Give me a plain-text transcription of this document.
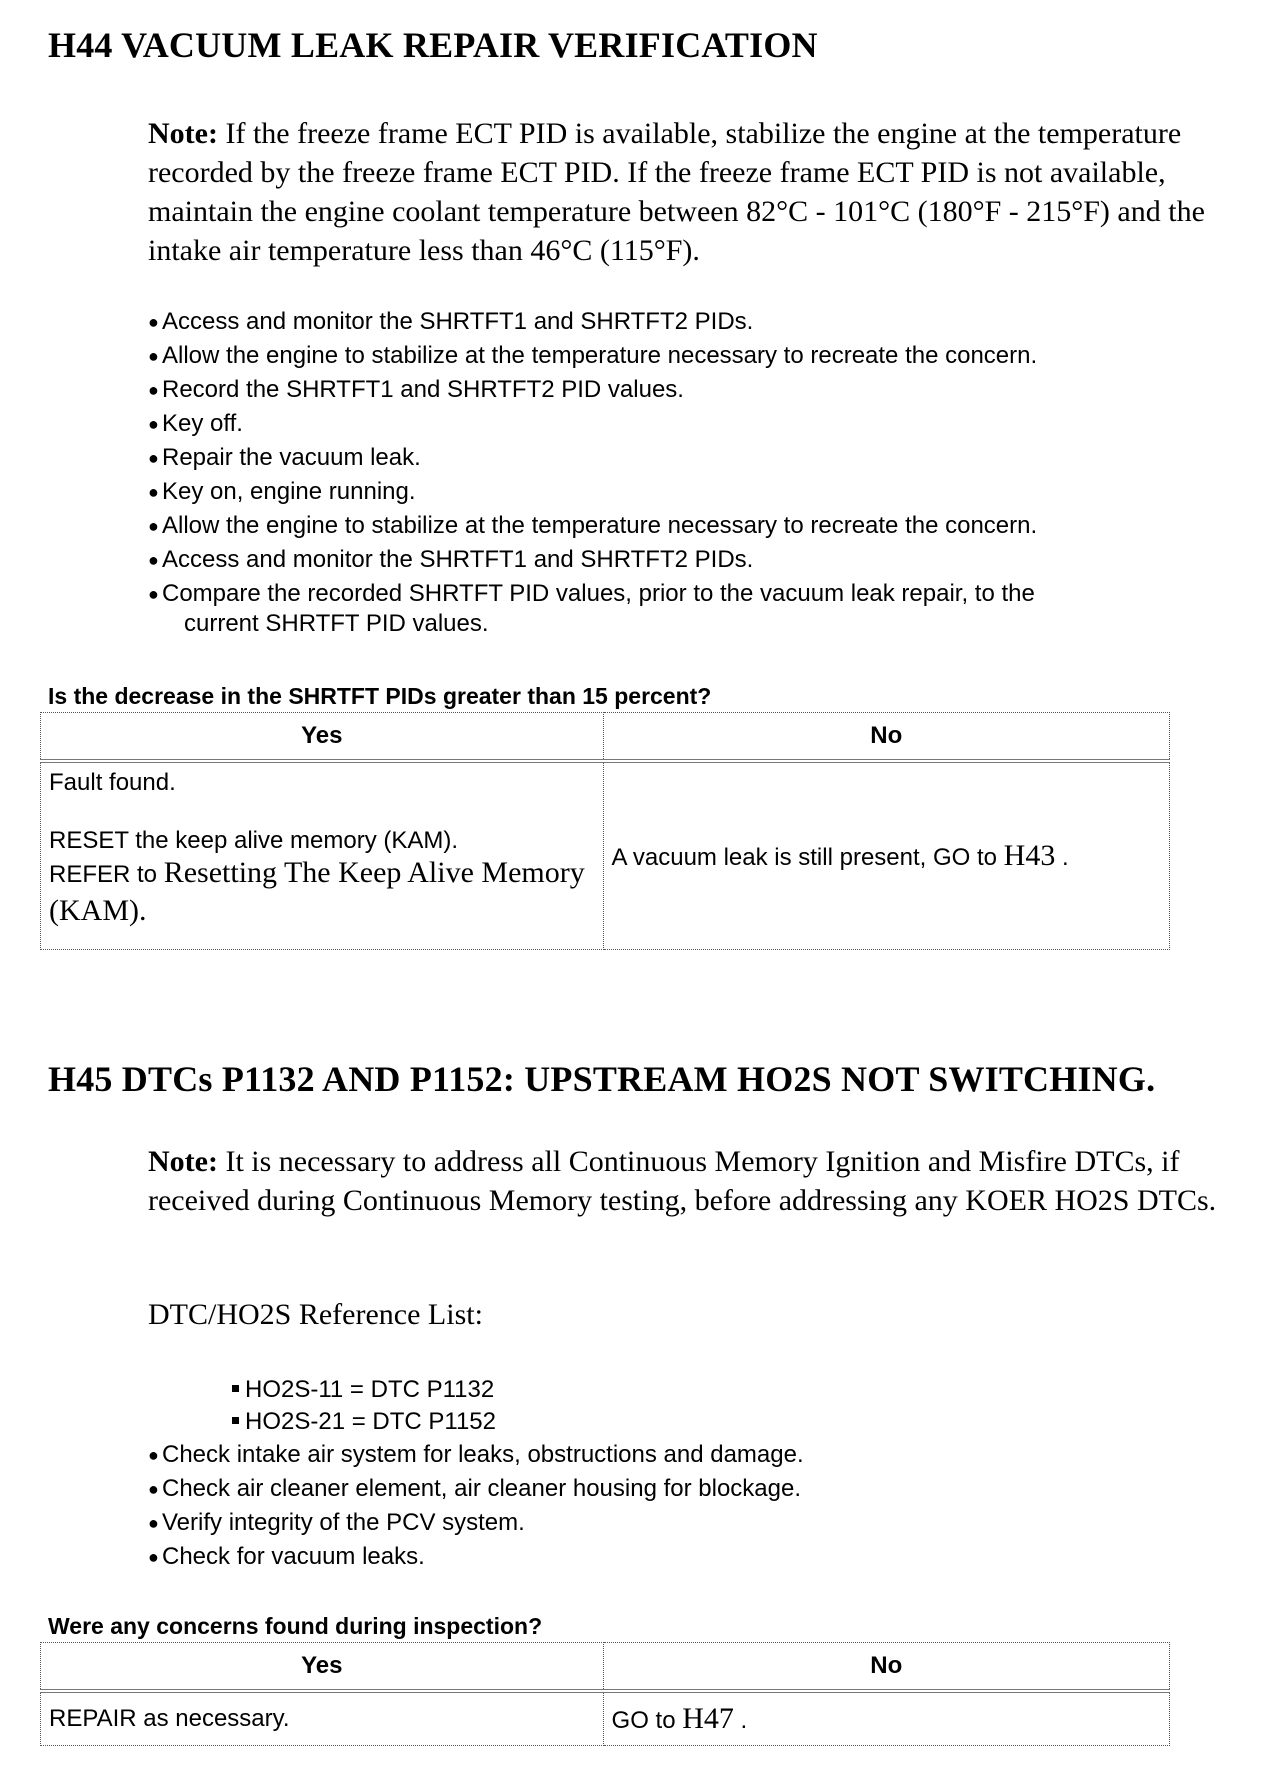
H44 VACUUM LEAK REPAIR VERIFICATION
Note: If the freeze frame ECT PID is available, stabilize the engine at the temperature recorded by the freeze frame ECT PID. If the freeze frame ECT PID is not available, maintain the engine coolant temperature between 82°C - 101°C (180°F - 215°F) and the intake air temperature less than 46°C (115°F).
● Access and monitor the SHRTFT1 and SHRTFT2 PIDs.
● Allow the engine to stabilize at the temperature necessary to recreate the concern.
● Record the SHRTFT1 and SHRTFT2 PID values.
● Key off.
● Repair the vacuum leak.
● Key on, engine running.
● Allow the engine to stabilize at the temperature necessary to recreate the concern.
● Access and monitor the SHRTFT1 and SHRTFT2 PIDs.
● Compare the recorded SHRTFT PID values, prior to the vacuum leak repair, to the
current SHRTFT PID values.

Is the decrease in the SHRTFT PIDs greater than 15 percent?

Yes	No

Fault found.
RESET the keep alive memory (KAM).
REFER to Resetting The Keep Alive Memory (KAM).	A vacuum leak is still present, GO to H43 .
H45 DTCs P1132 AND P1152: UPSTREAM HO2S NOT SWITCHING.
Note: It is necessary to address all Continuous Memory Ignition and Misfire DTCs, if received during Continuous Memory testing, before addressing any KOER HO2S DTCs.
DTC/HO2S Reference List:
HO2S-11 = DTC P1132
HO2S-21 = DTC P1152
● Check intake air system for leaks, obstructions and damage.
● Check air cleaner element, air cleaner housing for blockage.
● Verify integrity of the PCV system.
● Check for vacuum leaks.

Were any concerns found during inspection?

Yes	No
REPAIR as necessary.	GO to H47 .
